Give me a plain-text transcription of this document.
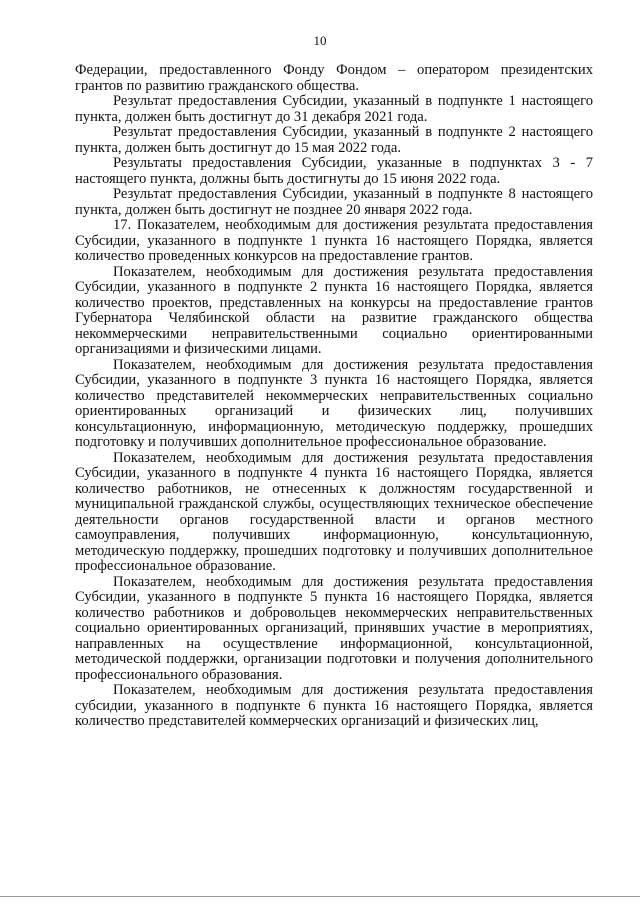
10

Федерации, предоставленного Фонду Фондом – оператором президентских грантов по развитию гражданского общества.

Результат предоставления Субсидии, указанный в подпункте 1 настоящего пункта, должен быть достигнут до 31 декабря 2021 года.

Результат предоставления Субсидии, указанный в подпункте 2 настоящего пункта, должен быть достигнут до 15 мая 2022 года.

Результаты предоставления Субсидии, указанные в подпунктах 3 - 7 настоящего пункта, должны быть достигнуты до 15 июня 2022 года.

Результат предоставления Субсидии, указанный в подпункте 8 настоящего пункта, должен быть достигнут не позднее 20 января 2022 года.

17. Показателем, необходимым для достижения результата предоставления Субсидии, указанного в подпункте 1 пункта 16 настоящего Порядка, является количество проведенных конкурсов на предоставление грантов.

Показателем, необходимым для достижения результата предоставления Субсидии, указанного в подпункте 2 пункта 16 настоящего Порядка, является количество проектов, представленных на конкурсы на предоставление грантов Губернатора Челябинской области на развитие гражданского общества некоммерческими неправительственными социально ориентированными организациями и физическими лицами.

Показателем, необходимым для достижения результата предоставления Субсидии, указанного в подпункте 3 пункта 16 настоящего Порядка, является количество представителей некоммерческих неправительственных социально ориентированных организаций и физических лиц, получивших консультационную, информационную, методическую поддержку, прошедших подготовку и получивших дополнительное профессиональное образование.

Показателем, необходимым для достижения результата предоставления Субсидии, указанного в подпункте 4 пункта 16 настоящего Порядка, является количество работников, не отнесенных к должностям государственной и муниципальной гражданской службы, осуществляющих техническое обеспечение деятельности органов государственной власти и органов местного самоуправления, получивших информационную, консультационную, методическую поддержку, прошедших подготовку и получивших дополнительное профессиональное образование.

Показателем, необходимым для достижения результата предоставления Субсидии, указанного в подпункте 5 пункта 16 настоящего Порядка, является количество работников и добровольцев некоммерческих неправительственных социально ориентированных организаций, принявших участие в мероприятиях, направленных на осуществление информационной, консультационной, методической поддержки, организации подготовки и получения дополнительного профессионального образования.

Показателем, необходимым для достижения результата предоставления субсидии, указанного в подпункте 6 пункта 16 настоящего Порядка, является количество представителей коммерческих организаций и физических лиц,
